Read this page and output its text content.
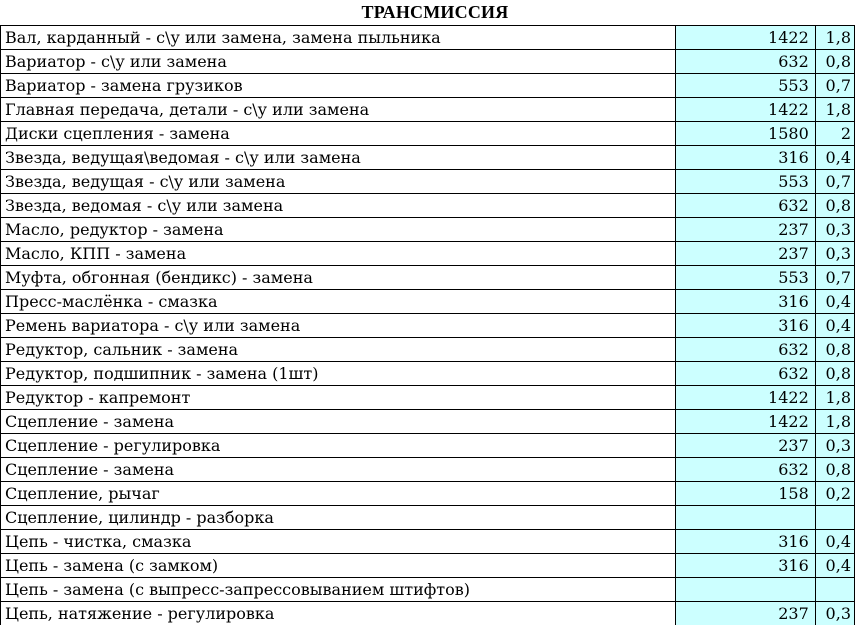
ТРАНСМИССИЯ
Вал, карданный - с\у или замена, замена пыльника	1422	1,8
Вариатор - с\у или замена	632	0,8
Вариатор - замена грузиков	553	0,7
Главная передача, детали - с\у или замена	1422	1,8
Диски сцепления - замена	1580	2
Звезда, ведущая\ведомая - с\у или замена	316	0,4
Звезда, ведущая - с\у или замена	553	0,7
Звезда, ведомая - с\у или замена	632	0,8
Масло, редуктор - замена	237	0,3
Масло, КПП - замена	237	0,3
Муфта, обгонная (бендикс) - замена	553	0,7
Пресс-маслёнка - смазка	316	0,4
Ремень вариатора - с\у или замена	316	0,4
Редуктор, сальник - замена	632	0,8
Редуктор, подшипник - замена (1шт)	632	0,8
Редуктор - капремонт	1422	1,8
Сцепление - замена	1422	1,8
Сцепление - регулировка	237	0,3
Сцепление - замена	632	0,8
Сцепление, рычаг	158	0,2
Сцепление, цилиндр - разборка		
Цепь - чистка, смазка	316	0,4
Цепь - замена (с замком)	316	0,4
Цепь - замена (с выпресс-запрессовыванием штифтов)		
Цепь, натяжение - регулировка	237	0,3
